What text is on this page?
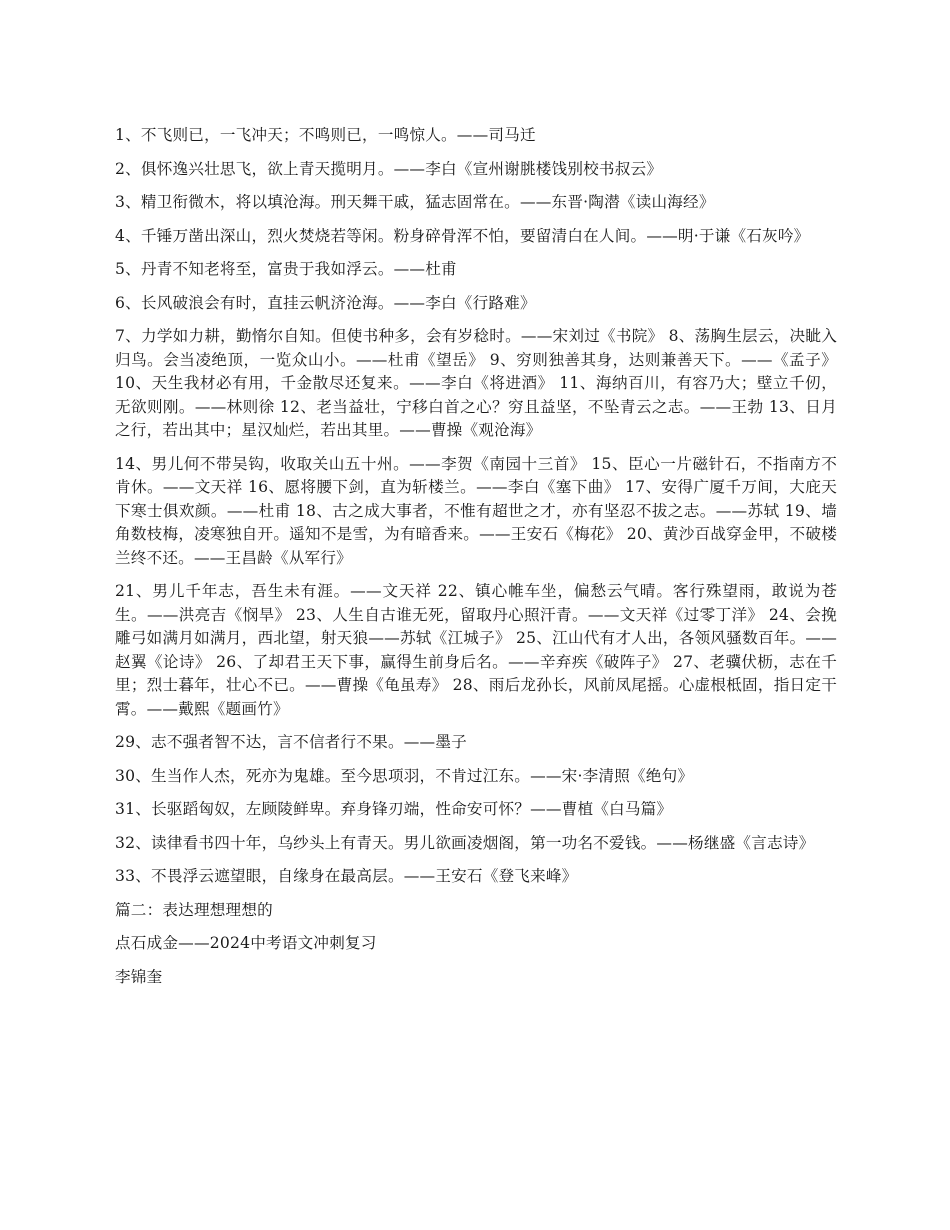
1、不飞则已，一飞冲天；不鸣则已，一鸣惊人。——司马迁

2、俱怀逸兴壮思飞，欲上青天揽明月。——李白《宣州谢朓楼饯别校书叔云》

3、精卫衔微木，将以填沧海。刑天舞干戚，猛志固常在。——东晋·陶潜《读山海经》

4、千锤万凿出深山，烈火焚烧若等闲。粉身碎骨浑不怕，要留清白在人间。——明·于谦《石灰吟》

5、丹青不知老将至，富贵于我如浮云。——杜甫

6、长风破浪会有时，直挂云帆济沧海。——李白《行路难》

7、力学如力耕，勤惰尔自知。但使书种多，会有岁稔时。——宋刘过《书院》 8、荡胸生层云，决眦入归鸟。会当凌绝顶，一览众山小。——杜甫《望岳》 9、穷则独善其身，达则兼善天下。——《孟子》 10、天生我材必有用，千金散尽还复来。——李白《将进酒》 11、海纳百川，有容乃大；壁立千仞，无欲则刚。——林则徐 12、老当益壮，宁移白首之心？穷且益坚，不坠青云之志。——王勃 13、日月之行，若出其中；星汉灿烂，若出其里。——曹操《观沧海》

14、男儿何不带吴钩，收取关山五十州。——李贺《南园十三首》 15、臣心一片磁针石，不指南方不肯休。——文天祥 16、愿将腰下剑，直为斩楼兰。——李白《塞下曲》 17、安得广厦千万间，大庇天下寒士俱欢颜。——杜甫 18、古之成大事者，不惟有超世之才，亦有坚忍不拔之志。——苏轼 19、墙角数枝梅，凌寒独自开。遥知不是雪，为有暗香来。——王安石《梅花》 20、黄沙百战穿金甲，不破楼兰终不还。——王昌龄《从军行》

21、男儿千年志，吾生未有涯。——文天祥 22、镇心帷车坐，偏愁云气晴。客行殊望雨，敢说为苍生。——洪亮吉《悯旱》 23、人生自古谁无死，留取丹心照汗青。——文天祥《过零丁洋》 24、会挽雕弓如满月如满月，西北望，射天狼——苏轼《江城子》 25、江山代有才人出，各领风骚数百年。——赵翼《论诗》 26、了却君王天下事，赢得生前身后名。——辛弃疾《破阵子》 27、老骥伏枥，志在千里；烈士暮年，壮心不已。——曹操《龟虽寿》 28、雨后龙孙长，风前凤尾摇。心虚根柢固，指日定干霄。——戴熙《题画竹》

29、志不强者智不达，言不信者行不果。——墨子

30、生当作人杰，死亦为鬼雄。至今思项羽，不肯过江东。——宋·李清照《绝句》

31、长驱蹈匈奴，左顾陵鲜卑。弃身锋刃端，性命安可怀？——曹植《白马篇》

32、读律看书四十年，乌纱头上有青天。男儿欲画凌烟阁，第一功名不爱钱。——杨继盛《言志诗》

33、不畏浮云遮望眼，自缘身在最高层。——王安石《登飞来峰》

篇二：表达理想理想的

点石成金——2024中考语文冲刺复习

李锦奎
